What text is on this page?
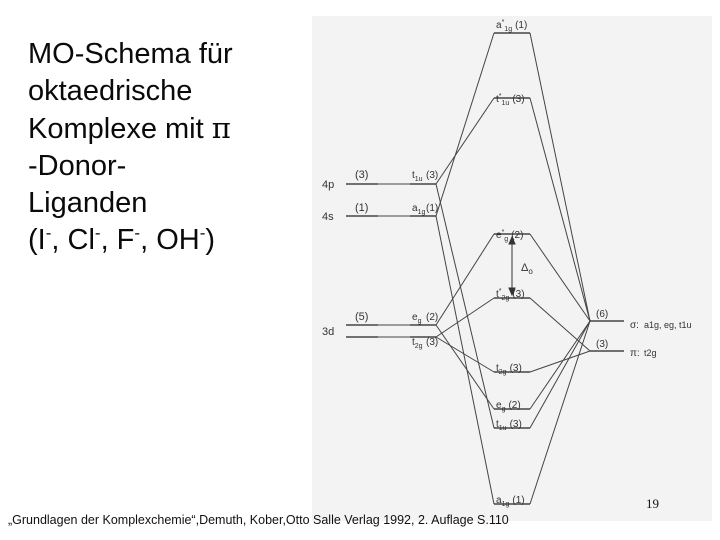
MO-Schema für
oktaedrische
Komplexe mit π
-Donor-
Liganden
(I-, Cl-, F-, OH-)
$\Delta_o$
4p
(3)
4s
(1)
3d
(5)
$t_{1u}$ (3)
$a_{1g}$ (1)
$e_g$ (2)
$t_{2g}$ (3)
$a^*_{1g}$ (1)
$t^*_{1u}$ (3)
$e^*_g$ (2)
$t^*_{2g}$ (3)
$t_{2g}$ (3)
$e_g$ (2)
$t_{1u}$ (3)
$a_{1g}$ (1)
(6)
(3)
σ: a1g, eg, t1u
π: t2g
„Grundlagen der Komplexchemie“,Demuth, Kober,Otto Salle Verlag 1992, 2. Auflage S.110
19
